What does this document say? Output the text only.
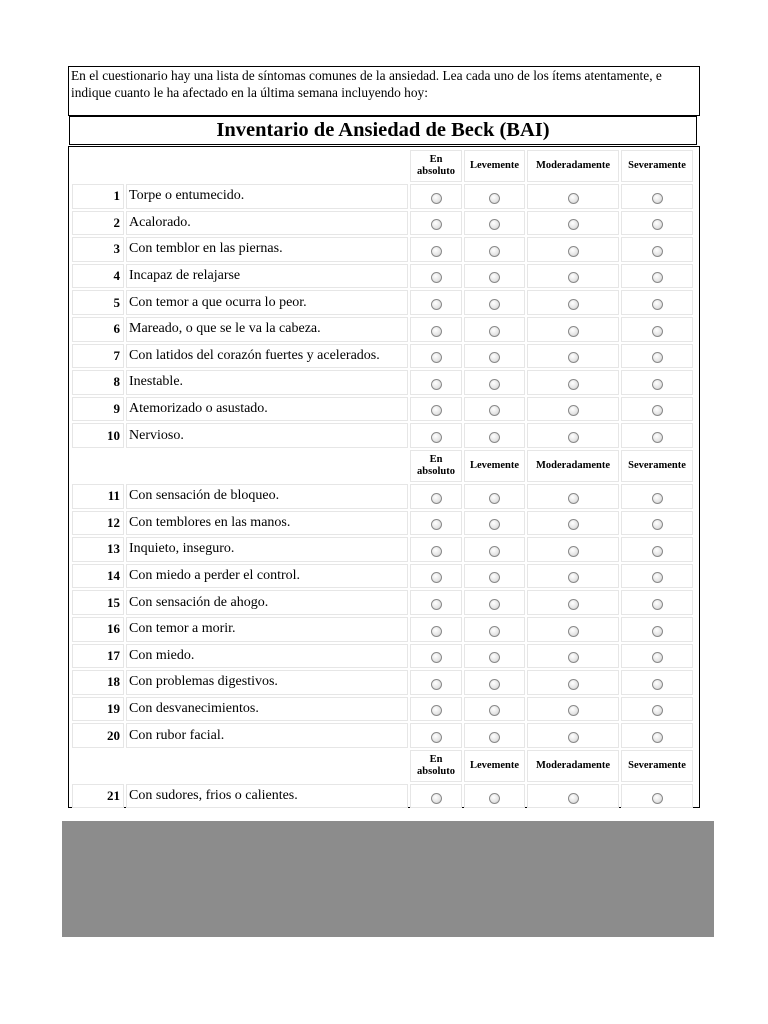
En el cuestionario hay una lista de síntomas comunes de la ansiedad. Lea cada uno de los ítems atentamente, e indique cuanto le ha afectado en la última semana incluyendo hoy:
Inventario de Ansiedad de Beck (BAI)
		En
absoluto	Levemente	Moderadamente	Severamente
1	Torpe o entumecido.				
2	Acalorado.				
3	Con temblor en las piernas.				
4	Incapaz de relajarse				
5	Con temor a que ocurra lo peor.				
6	Mareado, o que se le va la cabeza.				
7	Con latidos del corazón fuertes y acelerados.				
8	Inestable.				
9	Atemorizado o asustado.				
10	Nervioso.				
		En
absoluto	Levemente	Moderadamente	Severamente
11	Con sensación de bloqueo.				
12	Con temblores en las manos.				
13	Inquieto, inseguro.				
14	Con miedo a perder el control.				
15	Con sensación de ahogo.				
16	Con temor a morir.				
17	Con miedo.				
18	Con problemas digestivos.				
19	Con desvanecimientos.				
20	Con rubor facial.				
		En
absoluto	Levemente	Moderadamente	Severamente
21	Con sudores, frios o calientes.				
